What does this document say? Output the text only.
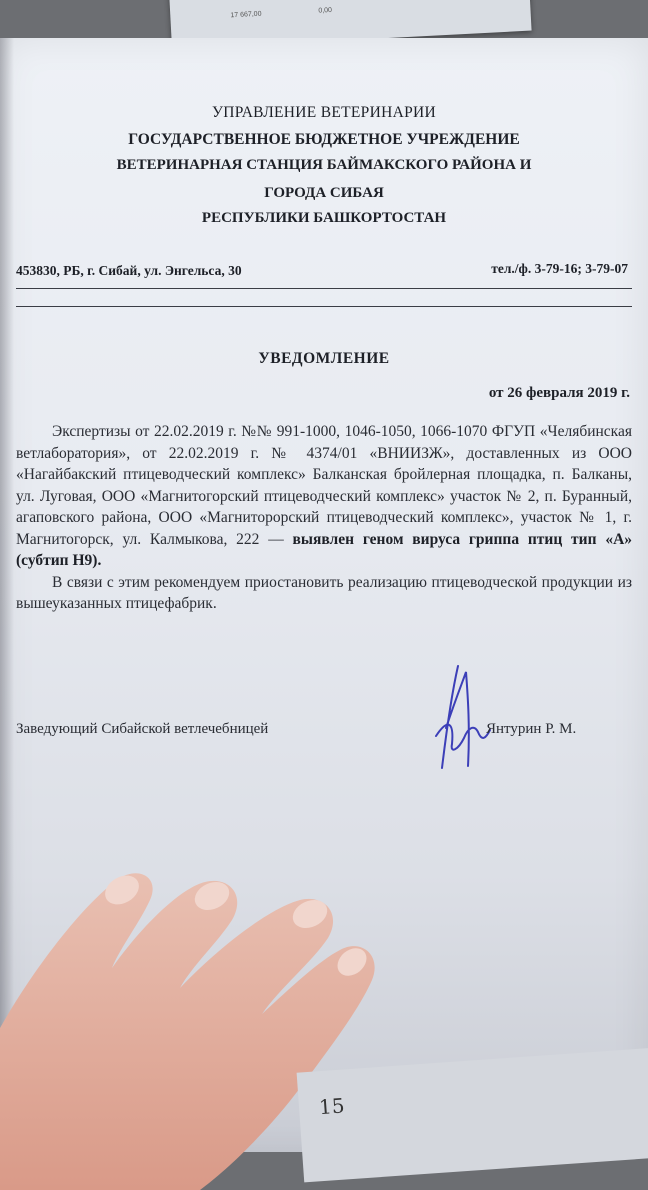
17 667,00	0,00
УПРАВЛЕНИЕ ВЕТЕРИНАРИИ
ГОСУДАРСТВЕННОЕ БЮДЖЕТНОЕ УЧРЕЖДЕНИЕ
ВЕТЕРИНАРНАЯ СТАНЦИЯ БАЙМАКСКОГО РАЙОНА И
ГОРОДА СИБАЯ
РЕСПУБЛИКИ БАШКОРТОСТАН
453830, РБ, г. Сибай, ул. Энгельса, 30	тел./ф. 3-79-16; 3-79-07
УВЕДОМЛЕНИЕ
от 26 февраля 2019 г.

Экспертизы от 22.02.2019 г. №№ 991-1000, 1046-1050, 1066-1070 ФГУП «Челябинская ветлаборатория», от 22.02.2019 г. № 4374/01 «ВНИИЗЖ», доставленных из ООО «Нагайбакский птицеводческий комплекс» Балканская бройлерная площадка, п. Балканы, ул. Луговая, ООО «Магнитогорский птицеводческий комплекс» участок № 2, п. Буранный, агаповского района, ООО «Магниторорский птицеводческий комплекс», участок № 1, г. Магнитогорск, ул. Калмыкова, 222 — выявлен геном вируса гриппа птиц тип «А» (субтип Н9).

В связи с этим рекомендуем приостановить реализацию птицеводческой продукции из вышеуказанных птицефабрик.

Заведующий Сибайской ветлечебницей	Янтурин Р. М.
15
